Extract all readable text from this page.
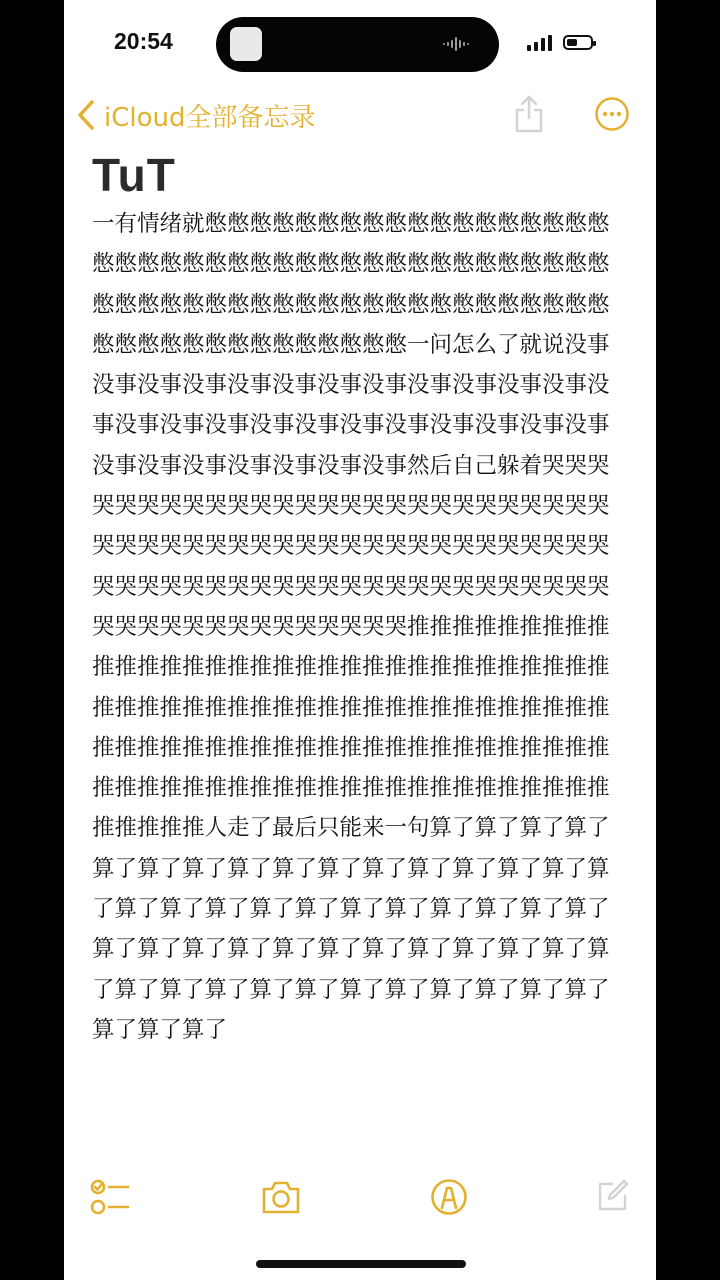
20:54
iCloud全部备忘录
TuT

一有情绪就憋憋憋憋憋憋憋憋憋憋憋憋憋憋憋憋憋憋憋憋憋憋憋憋憋憋憋憋憋憋憋憋憋憋憋憋憋憋憋憋憋憋憋憋憋憋憋憋憋憋憋憋憋憋憋憋憋憋憋憋憋憋憋憋憋憋憋憋憋憋憋憋憋憋憋憋憋憋一问怎么了就说没事没事没事没事没事没事没事没事没事没事没事没事没事没事没事没事没事没事没事没事没事没事没事没事没事没事没事没事没事没事没事然后自己躲着哭哭哭哭哭哭哭哭哭哭哭哭哭哭哭哭哭哭哭哭哭哭哭哭哭哭哭哭哭哭哭哭哭哭哭哭哭哭哭哭哭哭哭哭哭哭哭哭哭哭哭哭哭哭哭哭哭哭哭哭哭哭哭哭哭哭哭哭哭哭哭哭哭哭哭哭哭哭哭哭哭哭哭哭哭哭推推推推推推推推推推推推推推推推推推推推推推推推推推推推推推推推推推推推推推推推推推推推推推推推推推推推推推推推推推推推推推推推推推推推推推推推推推推推推推推推推推推推推推推推推推推推推推推推推推推推推推推推推推人走了最后只能来一句算了算了算了算了算了算了算了算了算了算了算了算了算了算了算了算了算了算了算了算了算了算了算了算了算了算了算了算了算了算了算了算了算了算了算了算了算了算了算了算了算了算了算了算了算了算了算了算了算了算了算了算了算了
